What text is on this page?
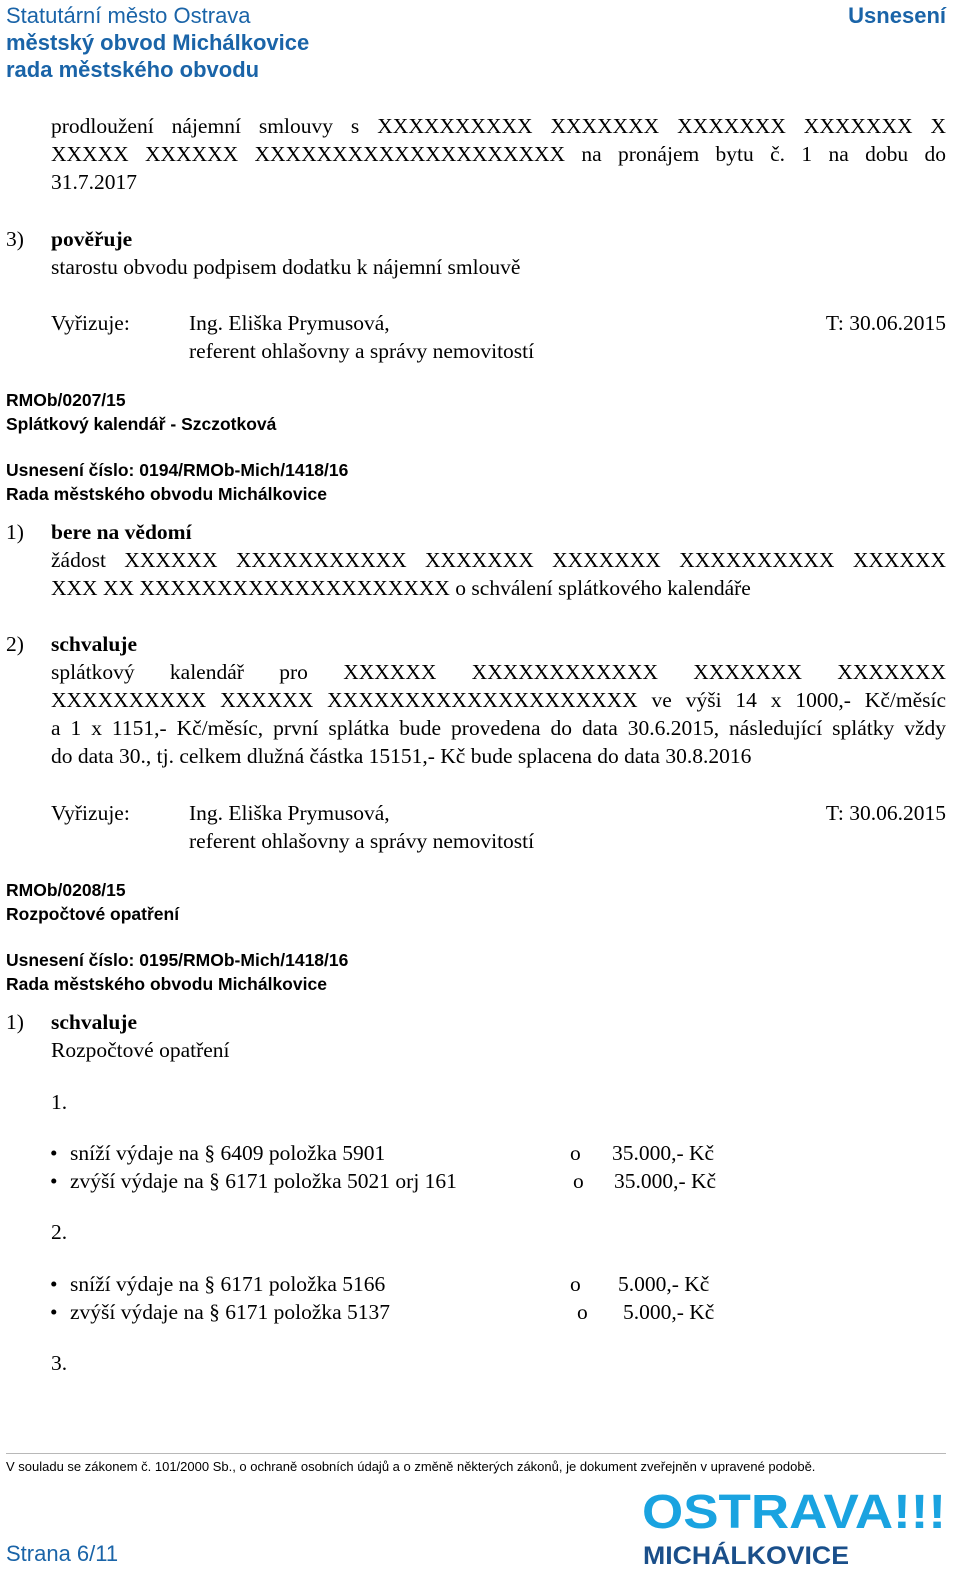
Statutární město Ostrava
městský obvod Michálkovice
rada městského obvodu
Usnesení
prodloužení nájemní smlouvy s XXXXXXXXXX XXXXXXX XXXXXXX XXXXXXX X
XXXXX XXXXXX XXXXXXXXXXXXXXXXXXXX na pronájem bytu č. 1 na dobu do
31.7.2017
3) pověřuje
starostu obvodu podpisem dodatku k nájemní smlouvě
Vyřizuje:	Ing. Eliška Prymusová,	T: 30.06.2015
referent ohlašovny a správy nemovitostí
RMOb/0207/15
Splátkový kalendář - Szczotková
Usnesení číslo: 0194/RMOb-Mich/1418/16
Rada městského obvodu Michálkovice
1) bere na vědomí
žádost XXXXXX XXXXXXXXXXX XXXXXXX XXXXXXX XXXXXXXXXX XXXXXX
XXX XX XXXXXXXXXXXXXXXXXXXX o schválení splátkového kalendáře
2) schvaluje
splátkový kalendář pro XXXXXX XXXXXXXXXXXX XXXXXXX XXXXXXX
XXXXXXXXXX XXXXXX XXXXXXXXXXXXXXXXXXXX ve výši 14 x 1000,- Kč/měsíc
a 1 x 1151,- Kč/měsíc, první splátka bude provedena do data 30.6.2015, následující splátky vždy
do data 30., tj. celkem dlužná částka 15151,- Kč bude splacena do data 30.8.2016
Vyřizuje:	Ing. Eliška Prymusová,	T: 30.06.2015
referent ohlašovny a správy nemovitostí
RMOb/0208/15
Rozpočtové opatření
Usnesení číslo: 0195/RMOb-Mich/1418/16
Rada městského obvodu Michálkovice
1) schvaluje
Rozpočtové opatření
1.
• sníží výdaje na § 6409 položka 5901	o 35.000,- Kč
• zvýší výdaje na § 6171 položka 5021 orj 161	o 35.000,- Kč
2.
• sníží výdaje na § 6171 položka 5166	o 5.000,- Kč
• zvýší výdaje na § 6171 položka 5137	o 5.000,- Kč
3.
V souladu se zákonem č. 101/2000 Sb., o ochraně osobních údajů a o změně některých zákonů, je dokument zveřejněn v upravené podobě.
Strana 6/11
OSTRAVA!!!
MICHÁLKOVICE
